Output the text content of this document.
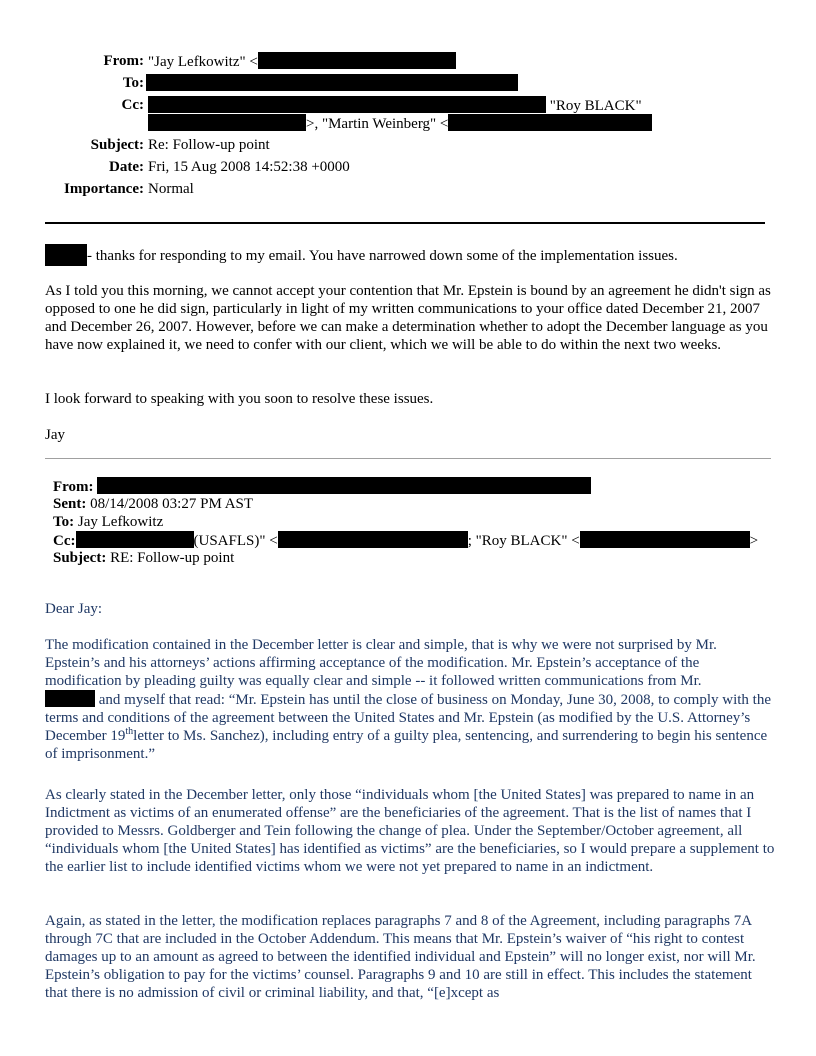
From: "Jay Lefkowitz" <
To:
Cc:	"Roy BLACK"
>, "Martin Weinberg" <
Subject: Re: Follow-up point
Date: Fri, 15 Aug 2008 14:52:38 +0000
Importance: Normal

- thanks for responding to my email. You have narrowed down some of the implementation issues.

As I told you this morning, we cannot accept your contention that Mr. Epstein is bound by an agreement he didn't sign as opposed to one he did sign, particularly in light of my written communications to your office dated December 21, 2007 and December 26, 2007. However, before we can make a determination whether to adopt the December language as you have now explained it, we need to confer with our client, which we will be able to do within the next two weeks.

I look forward to speaking with you soon to resolve these issues.

Jay

From:
Sent: 08/14/2008 03:27 PM AST
To: Jay Lefkowitz
Cc:	(USAFLS)" <	; "Roy BLACK" <	>
Subject: RE: Follow-up point

Dear Jay:

The modification contained in the December letter is clear and simple, that is why we were not surprised by Mr. Epstein’s and his attorneys’ actions affirming acceptance of the modification. Mr. Epstein’s acceptance of the modification by pleading guilty was equally clear and simple -- it followed written communications from Mr.
and myself that read: “Mr. Epstein has until the close of business on Monday, June 30, 2008, to comply with the terms and conditions of the agreement between the United States and Mr. Epstein (as modified by the U.S. Attorney’s December 19thletter to Ms. Sanchez), including entry of a guilty plea, sentencing, and surrendering to begin his sentence of imprisonment.”

As clearly stated in the December letter, only those “individuals whom [the United States] was prepared to name in an Indictment as victims of an enumerated offense” are the beneficiaries of the agreement. That is the list of names that I provided to Messrs. Goldberger and Tein following the change of plea. Under the September/October agreement, all “individuals whom [the United States] has identified as victims” are the beneficiaries, so I would prepare a supplement to the earlier list to include identified victims whom we were not yet prepared to name in an indictment.

Again, as stated in the letter, the modification replaces paragraphs 7 and 8 of the Agreement, including paragraphs 7A through 7C that are included in the October Addendum. This means that Mr. Epstein’s waiver of “his right to contest damages up to an amount as agreed to between the identified individual and Epstein” will no longer exist, nor will Mr. Epstein’s obligation to pay for the victims’ counsel. Paragraphs 9 and 10 are still in effect. This includes the statement that there is no admission of civil or criminal liability, and that, “[e]xcept as
